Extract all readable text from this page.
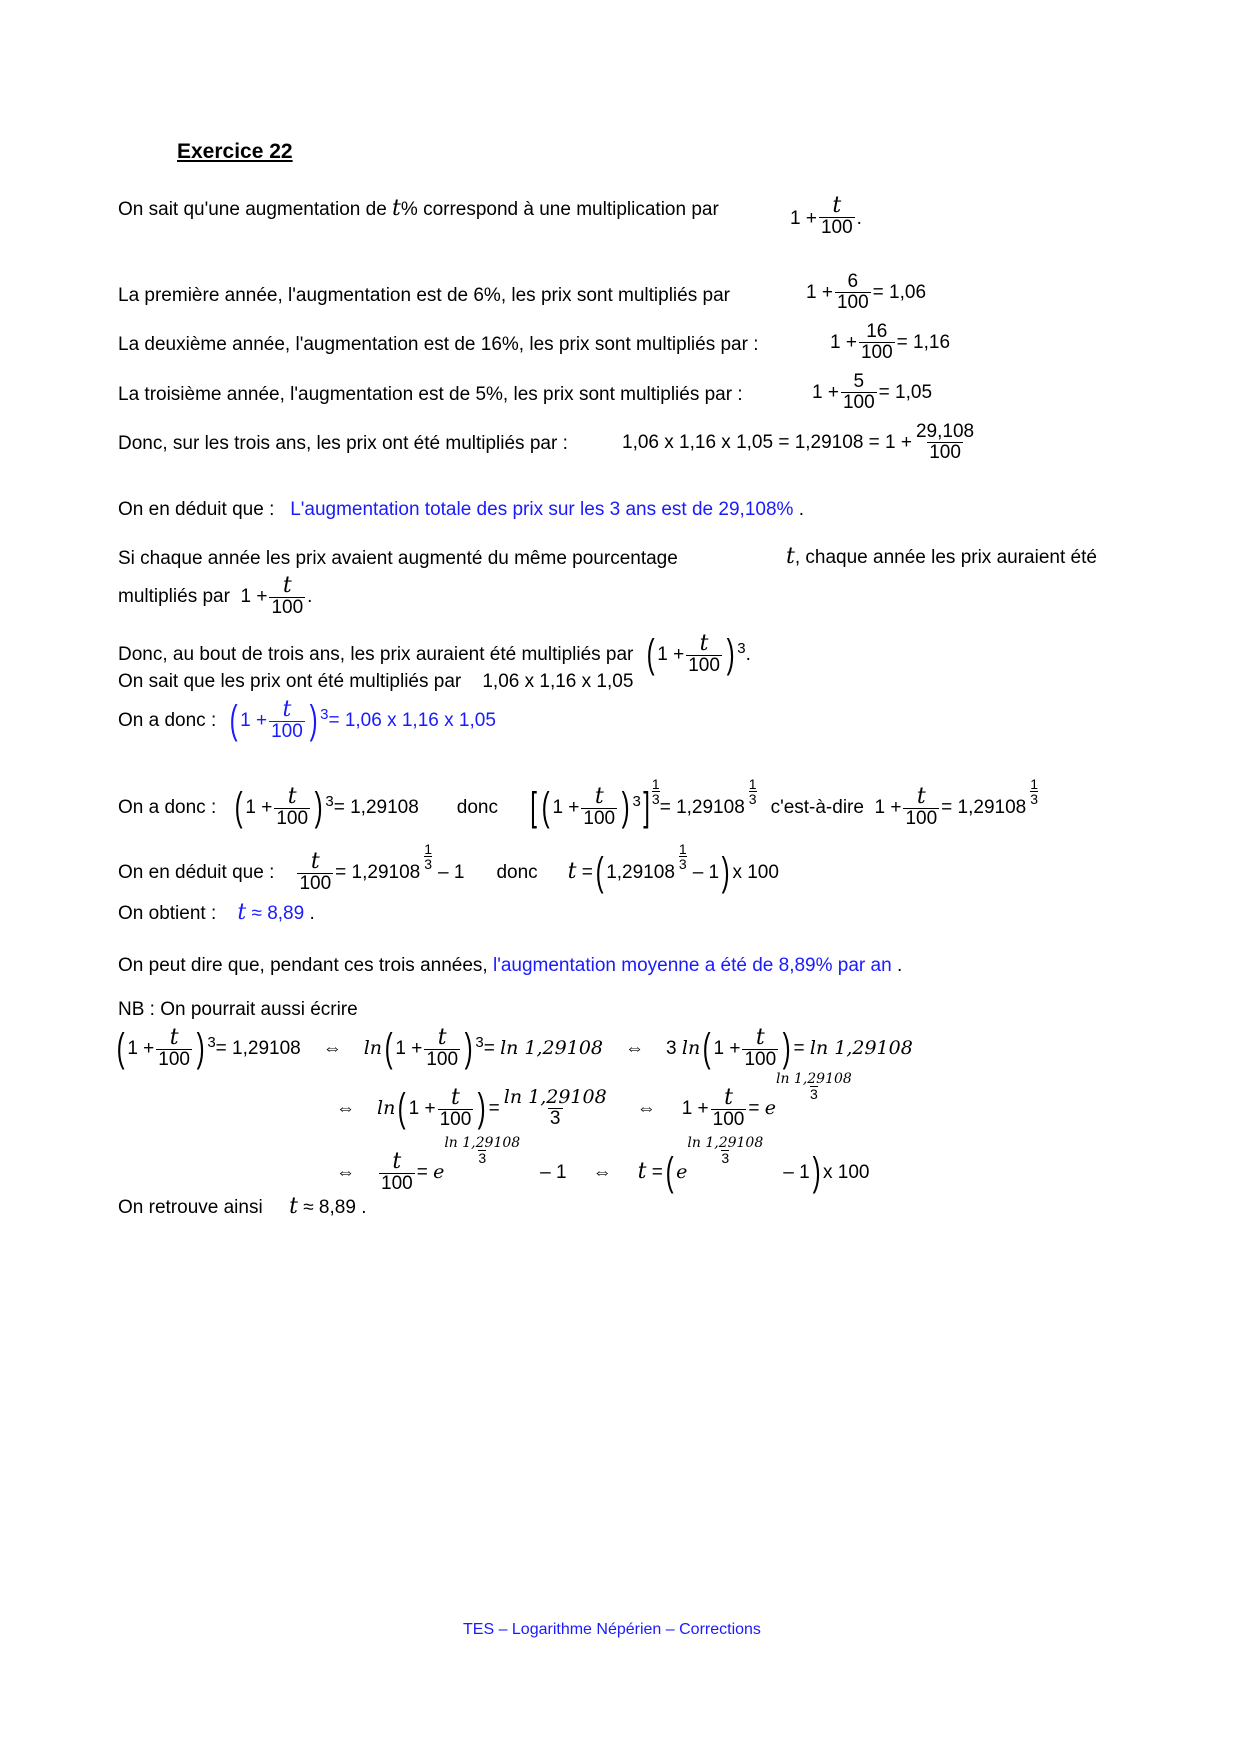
Exercice 22
On sait qu'une augmentation de t% correspond à une multiplication par	$1 + \frac{t}{100}$ .
La première année, l'augmentation est de 6%, les prix sont multipliés par	$1 + \frac{6}{100} = 1,06$
La deuxième année, l'augmentation est de 16%, les prix sont multipliés par :	$1 + \frac{16}{100} = 1,16$
La troisième année, l'augmentation est de 5%, les prix sont multipliés par :	$1 + \frac{5}{100} = 1,05$
Donc, sur les trois ans, les prix ont été multipliés par :	1,06 x 1,16 x $1,05 = 1,29108 = 1 + \frac{29,108}{100}$
On en déduit que : L'augmentation totale des prix sur les 3 ans est de 29,108% .
Si chaque année les prix avaient augmenté du même pourcentage	t, chaque année les prix auraient été
multipliés par
$1 + \frac{t}{100}$ .
Donc, au bout de trois ans, les prix auraient été multipliés par
( $1 + \frac{t}{100} )^3$ .
On sait que les prix ont été multipliés par 1,06 x 1,16 x 1,05
On a donc :
( $1 + \frac{t}{100} )^3 = 1,06$ x 1,16 x 1,05
On a donc :
( $1 + \frac{t}{100} )^3 = 1,29108$ donc [ ( $1 + \frac{t}{100} )^3$ ] $\frac{1}{3}$
= 1,29108
$\frac{1}{3}$
c'est-à-dire
$1 + \frac{t}{100} = 1,29108$
$\frac{1}{3}$
On en déduit que :
$\frac{t}{100} = 1,29108$
$\frac{1}{3}$
– 1 donc t = ( 1,29108
$\frac{1}{3}$
– 1 ) x 100
On obtient : t ≈ 8,89 .
On peut dire que, pendant ces trois années, l'augmentation moyenne a été de 8,89% par an .
NB : On pourrait aussi écrire
( $1 + \frac{t}{100} )^3 = 1,29108$ ⇔ ln ( $1 + \frac{t}{100} )^3 = \ln 1,29108$ ⇔ 3
ln ( $1 + \frac{t}{100}$ ) = ln 1,29108
⇔ ln ( $1 + \frac{t}{100}$ ) = $\frac{\ln 1,29108}{3}$ ⇔ $1 + \frac{t}{100} = e$
$\frac{\ln 1,29108}{3}$
⇔ $\frac{t}{100} = e$
$\frac{\ln 1,29108}{3}$
– 1 ⇔ t = ( e
$\frac{\ln 1,29108}{3}$
– 1 ) x 100
On retrouve ainsi t ≈ 8,89 .
TES – Logarithme Népérien – Corrections
